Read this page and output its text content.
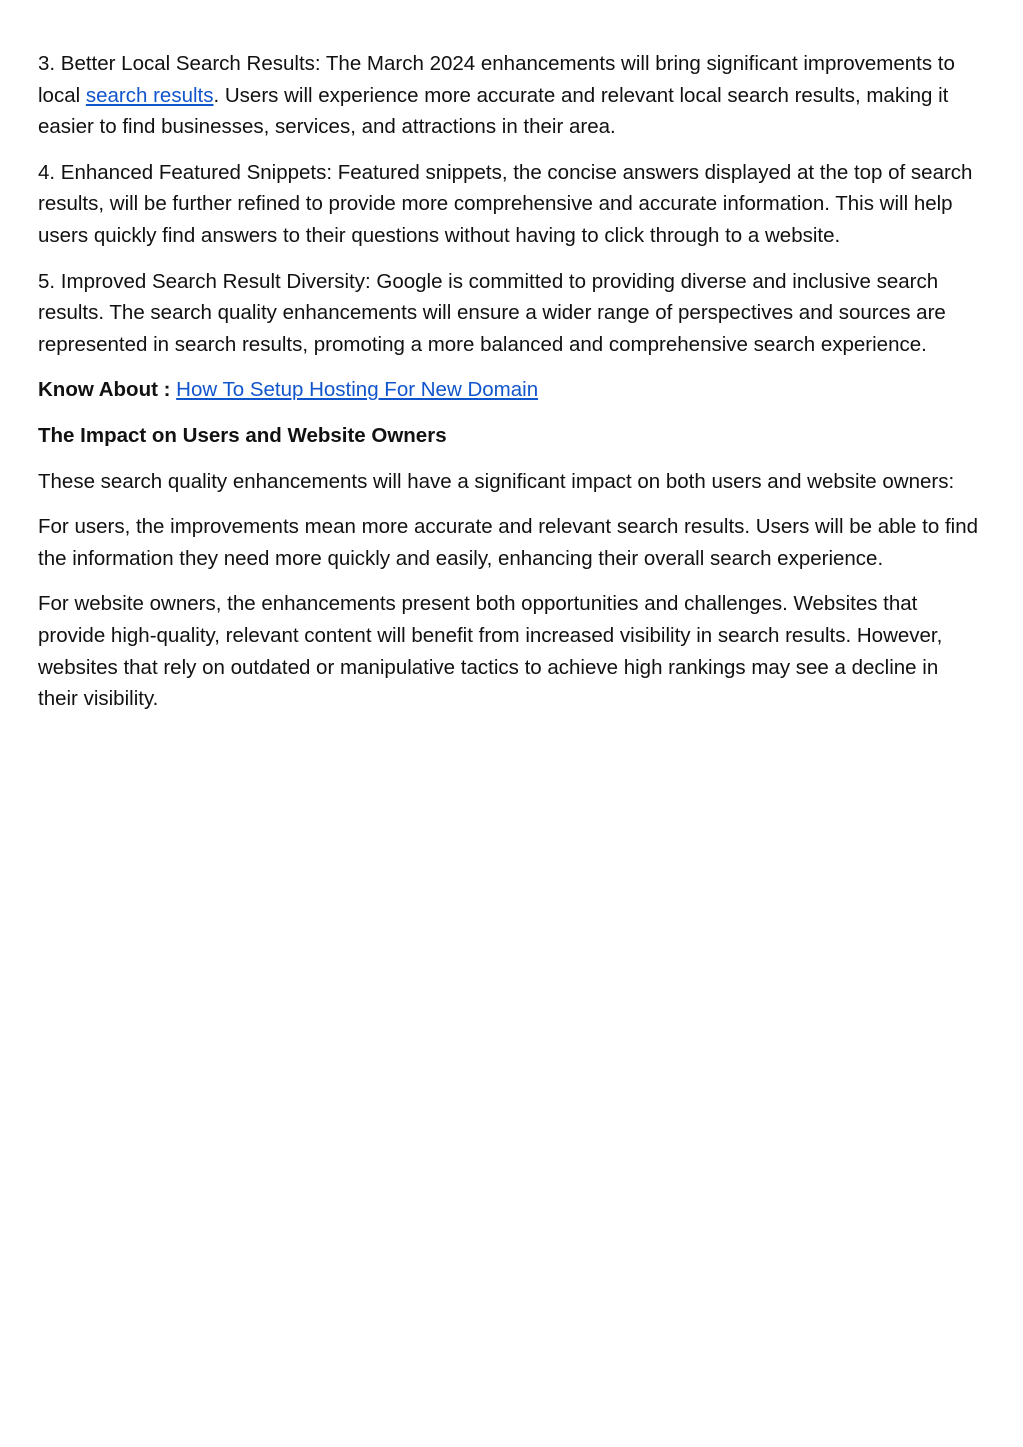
3. Better Local Search Results: The March 2024 enhancements will bring significant improvements to local search results. Users will experience more accurate and relevant local search results, making it easier to find businesses, services, and attractions in their area.

4. Enhanced Featured Snippets: Featured snippets, the concise answers displayed at the top of search results, will be further refined to provide more comprehensive and accurate information. This will help users quickly find answers to their questions without having to click through to a website.

5. Improved Search Result Diversity: Google is committed to providing diverse and inclusive search results. The search quality enhancements will ensure a wider range of perspectives and sources are represented in search results, promoting a more balanced and comprehensive search experience.

Know About : How To Setup Hosting For New Domain

The Impact on Users and Website Owners

These search quality enhancements will have a significant impact on both users and website owners:

For users, the improvements mean more accurate and relevant search results. Users will be able to find the information they need more quickly and easily, enhancing their overall search experience.

For website owners, the enhancements present both opportunities and challenges. Websites that provide high-quality, relevant content will benefit from increased visibility in search results. However, websites that rely on outdated or manipulative tactics to achieve high rankings may see a decline in their visibility.
